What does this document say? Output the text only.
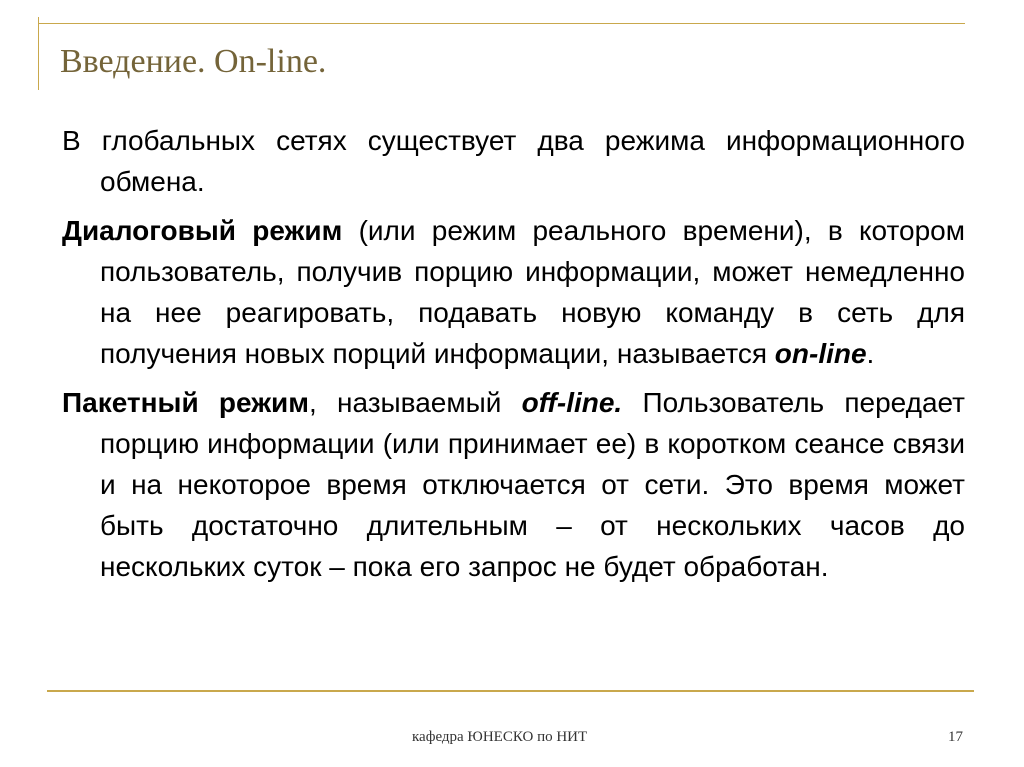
Введение. On-line.

В глобальных сетях существует два режима информационного обмена.

Диалоговый режим (или режим реального времени), в котором пользователь, получив порцию информации, может немедленно на нее реагировать, подавать новую команду в сеть для получения новых порций информации, называется on-line.

Пакетный режим, называемый off-line. Пользователь передает порцию информации (или принимает ее) в коротком сеансе связи и на некоторое время отключается от сети. Это время может быть достаточно длительным – от нескольких часов до нескольких суток – пока его запрос не будет обработан.

кафедра ЮНЕСКО по НИТ	17
